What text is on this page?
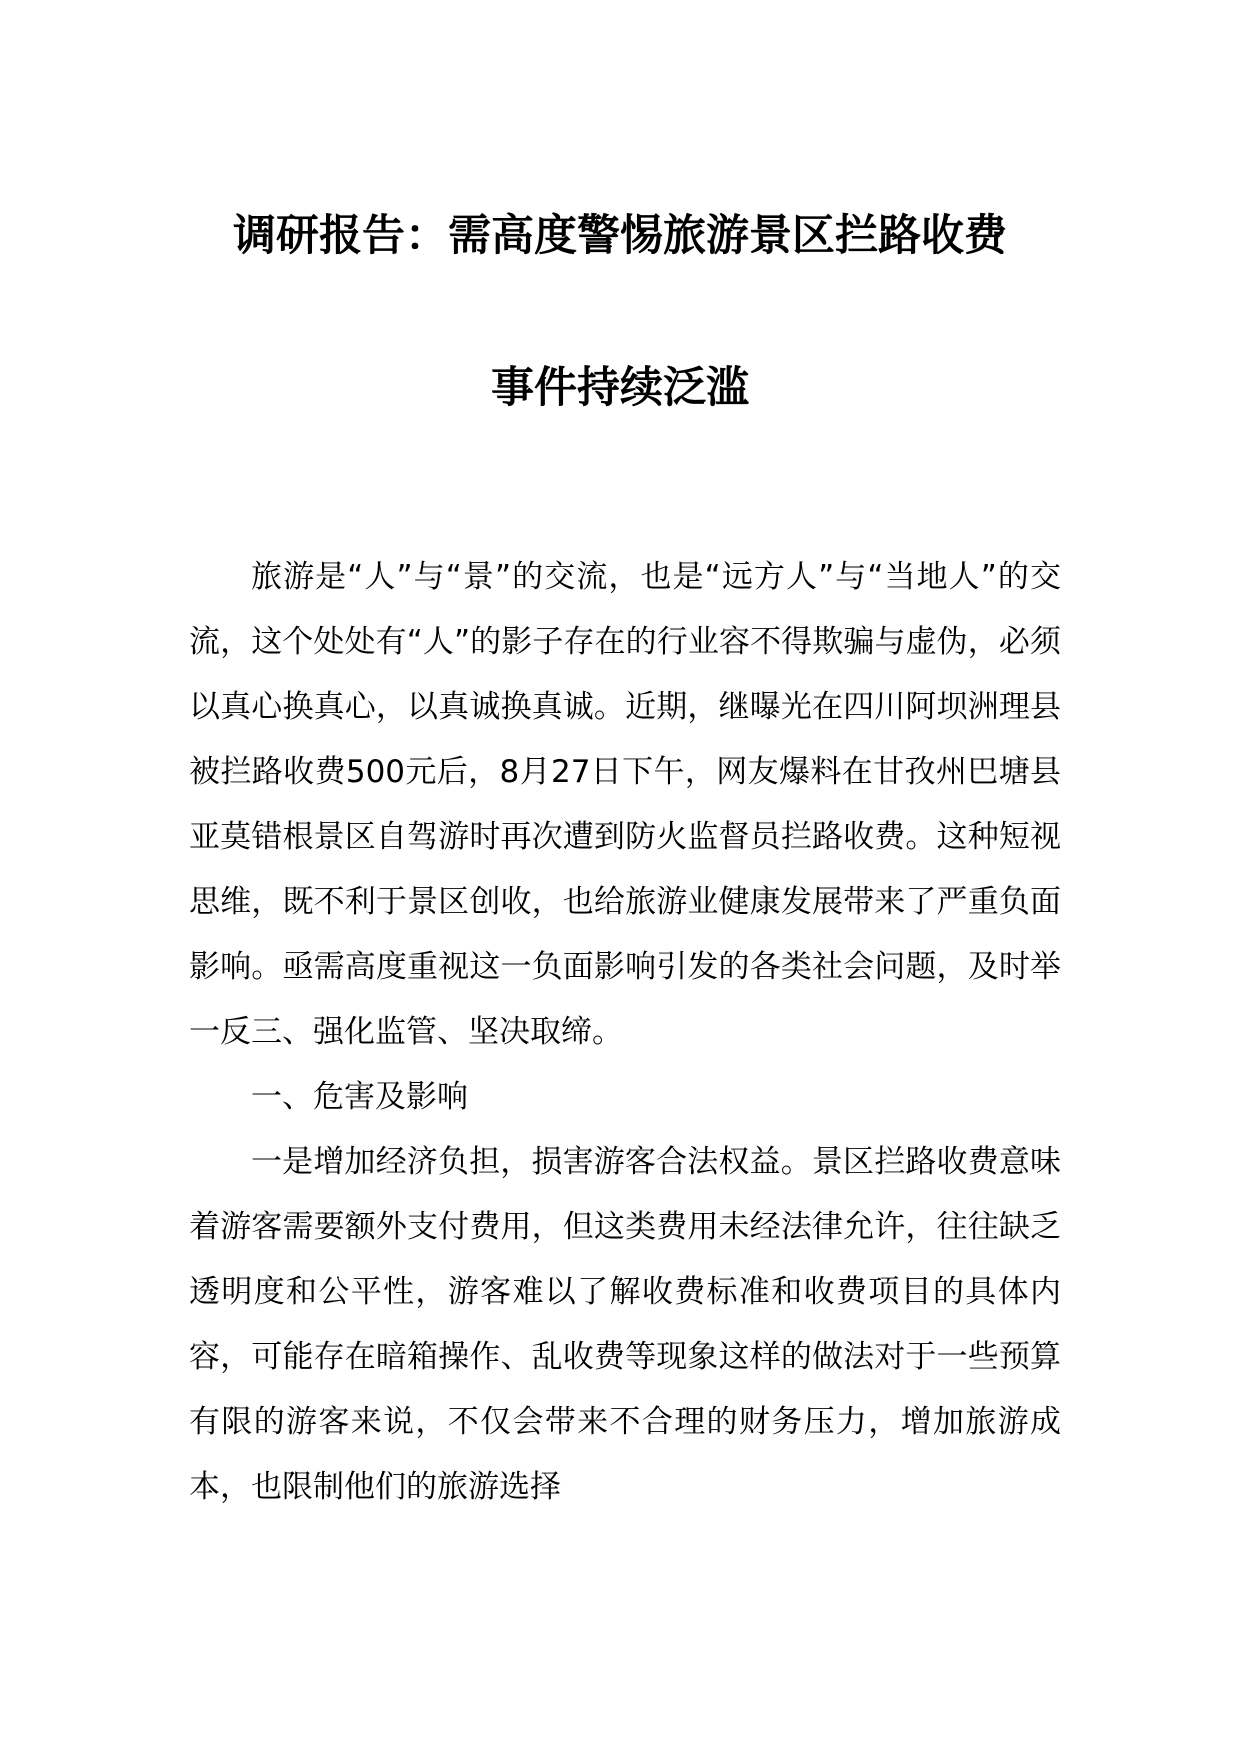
调研报告：需高度警惕旅游景区拦路收费
事件持续泛滥

旅游是“人”与“景”的交流，也是“远方人”与“当地人”的交流，这个处处有“人”的影子存在的行业容不得欺骗与虚伪，必须以真心换真心，以真诚换真诚。近期，继曝光在四川阿坝洲理县被拦路收费500元后，8月27日下午，网友爆料在甘孜州巴塘县亚莫错根景区自驾游时再次遭到防火监督员拦路收费。这种短视思维，既不利于景区创收，也给旅游业健康发展带来了严重负面影响。亟需高度重视这一负面影响引发的各类社会问题，及时举一反三、强化监管、坚决取缔。

一、危害及影响

一是增加经济负担，损害游客合法权益。景区拦路收费意味着游客需要额外支付费用，但这类费用未经法律允许，往往缺乏透明度和公平性，游客难以了解收费标准和收费项目的具体内容，可能存在暗箱操作、乱收费等现象这样的做法对于一些预算有限的游客来说，不仅会带来不合理的财务压力，增加旅游成本，也限制他们的旅游选择
